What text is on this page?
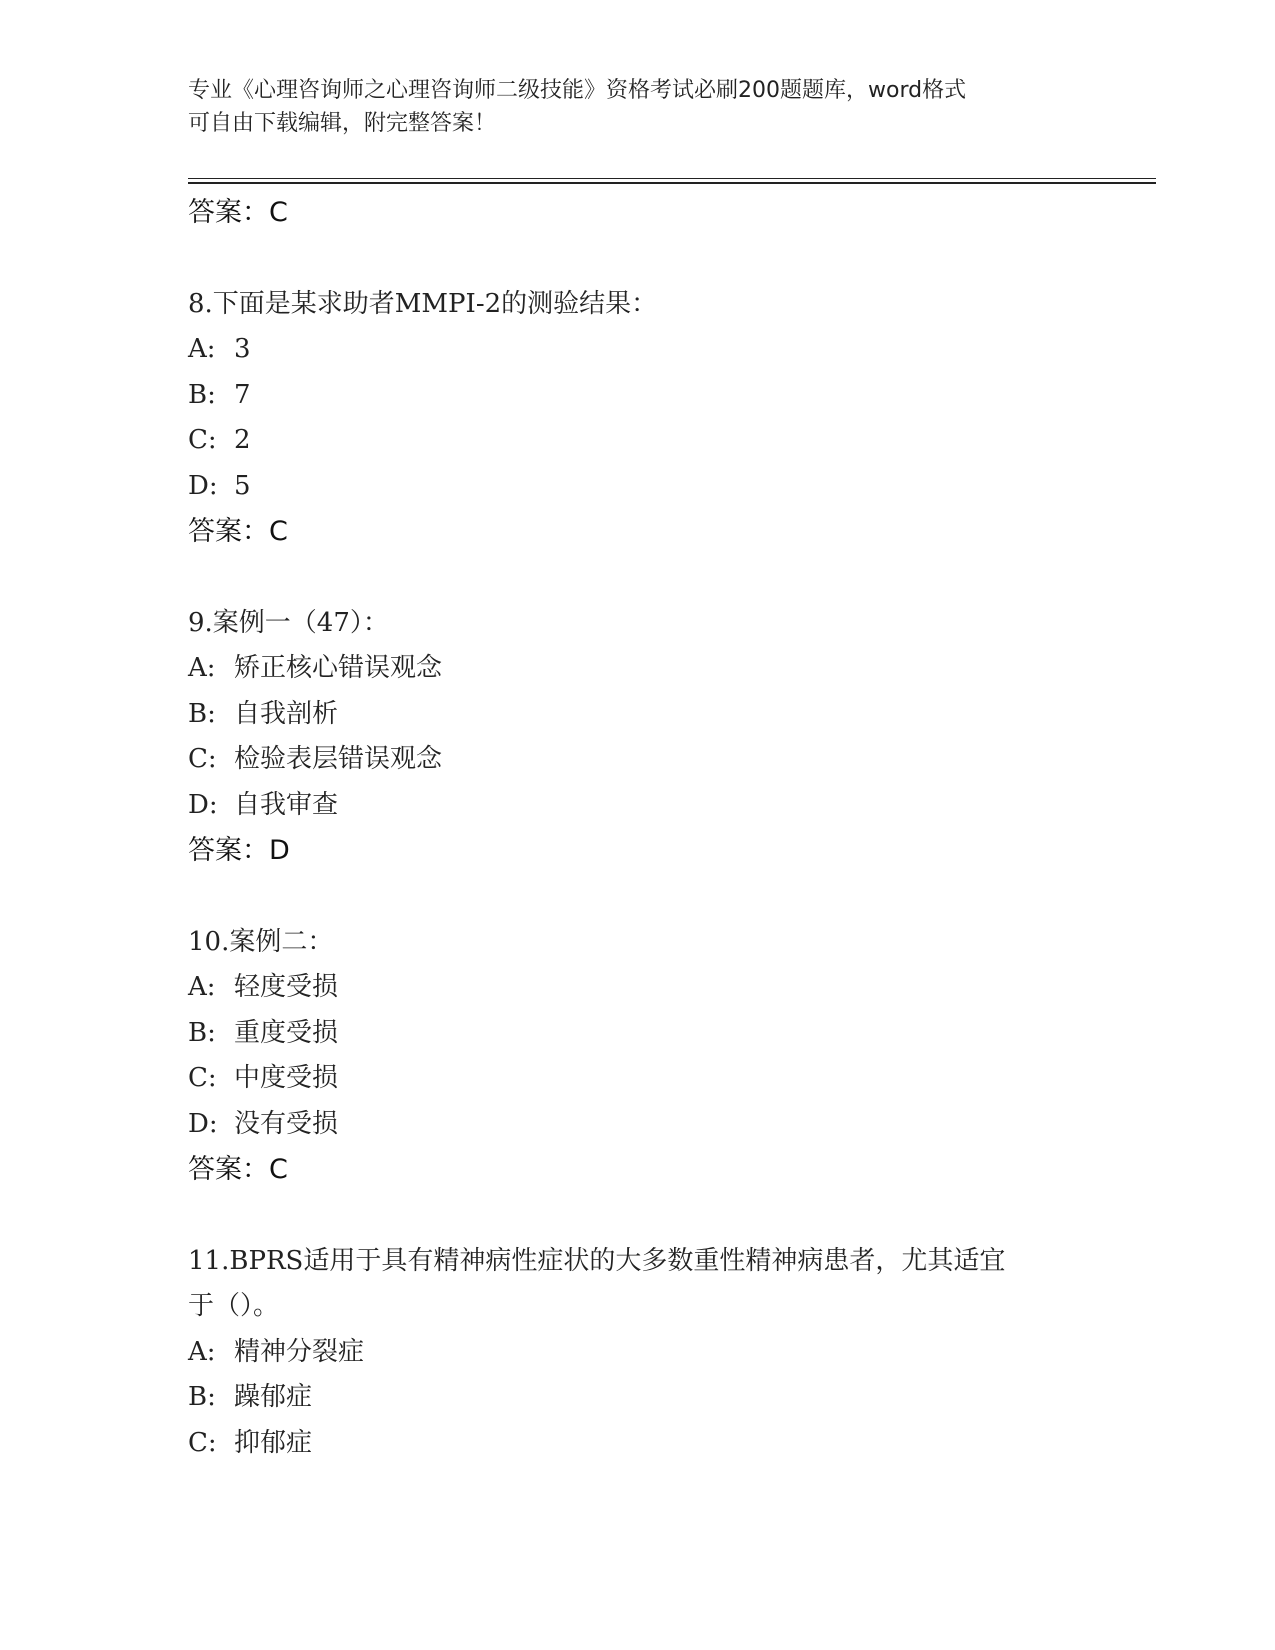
专业《心理咨询师之心理咨询师二级技能》资格考试必刷200题题库，word格式
可自由下载编辑，附完整答案！
答案：C
8.下面是某求助者MMPI-2的测验结果：
A: 3
B: 7
C: 2
D: 5
答案：C
9.案例一（47）：
A: 矫正核心错误观念
B: 自我剖析
C: 检验表层错误观念
D: 自我审查
答案：D
10.案例二：
A: 轻度受损
B: 重度受损
C: 中度受损
D: 没有受损
答案：C
11.BPRS适用于具有精神病性症状的大多数重性精神病患者，尤其适宜
于（）。
A: 精神分裂症
B: 躁郁症
C: 抑郁症
